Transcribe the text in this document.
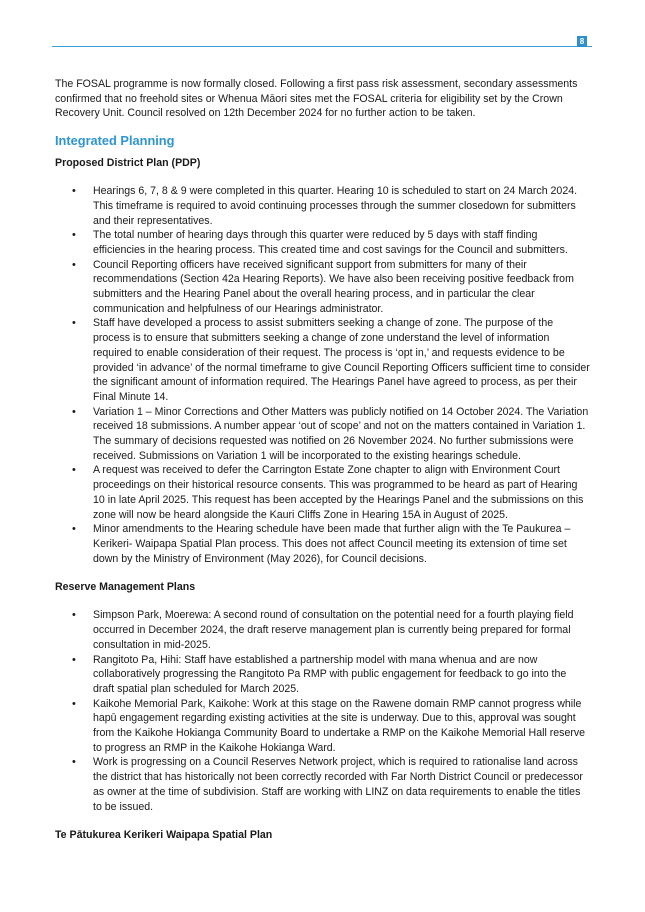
8

The FOSAL programme is now formally closed. Following a first pass risk assessment, secondary assessments confirmed that no freehold sites or Whenua Māori sites met the FOSAL criteria for eligibility set by the Crown Recovery Unit. Council resolved on 12th December 2024 for no further action to be taken.

Integrated Planning
Proposed District Plan (PDP)
• Hearings 6, 7, 8 & 9 were completed in this quarter. Hearing 10 is scheduled to start on 24 March 2024. This timeframe is required to avoid continuing processes through the summer closedown for submitters and their representatives.
• The total number of hearing days through this quarter were reduced by 5 days with staff finding efficiencies in the hearing process. This created time and cost savings for the Council and submitters.
• Council Reporting officers have received significant support from submitters for many of their recommendations (Section 42a Hearing Reports). We have also been receiving positive feedback from submitters and the Hearing Panel about the overall hearing process, and in particular the clear communication and helpfulness of our Hearings administrator.
• Staff have developed a process to assist submitters seeking a change of zone. The purpose of the process is to ensure that submitters seeking a change of zone understand the level of information required to enable consideration of their request. The process is ‘opt in,’ and requests evidence to be provided ‘in advance’ of the normal timeframe to give Council Reporting Officers sufficient time to consider the significant amount of information required. The Hearings Panel have agreed to process, as per their Final Minute 14.
• Variation 1 – Minor Corrections and Other Matters was publicly notified on 14 October 2024. The Variation received 18 submissions. A number appear ‘out of scope’ and not on the matters contained in Variation 1. The summary of decisions requested was notified on 26 November 2024. No further submissions were received. Submissions on Variation 1 will be incorporated to the existing hearings schedule.
• A request was received to defer the Carrington Estate Zone chapter to align with Environment Court proceedings on their historical resource consents. This was programmed to be heard as part of Hearing 10 in late April 2025. This request has been accepted by the Hearings Panel and the submissions on this zone will now be heard alongside the Kauri Cliffs Zone in Hearing 15A in August of 2025.
• Minor amendments to the Hearing schedule have been made that further align with the Te Paukurea – Kerikeri- Waipapa Spatial Plan process. This does not affect Council meeting its extension of time set down by the Ministry of Environment (May 2026), for Council decisions.
Reserve Management Plans
• Simpson Park, Moerewa: A second round of consultation on the potential need for a fourth playing field occurred in December 2024, the draft reserve management plan is currently being prepared for formal consultation in mid-2025.
• Rangitoto Pa, Hihi: Staff have established a partnership model with mana whenua and are now collaboratively progressing the Rangitoto Pa RMP with public engagement for feedback to go into the draft spatial plan scheduled for March 2025.
• Kaikohe Memorial Park, Kaikohe: Work at this stage on the Rawene domain RMP cannot progress while hapū engagement regarding existing activities at the site is underway. Due to this, approval was sought from the Kaikohe Hokianga Community Board to undertake a RMP on the Kaikohe Memorial Hall reserve to progress an RMP in the Kaikohe Hokianga Ward.
• Work is progressing on a Council Reserves Network project, which is required to rationalise land across the district that has historically not been correctly recorded with Far North District Council or predecessor as owner at the time of subdivision. Staff are working with LINZ on data requirements to enable the titles to be issued.
Te Pātukurea Kerikeri Waipapa Spatial Plan
